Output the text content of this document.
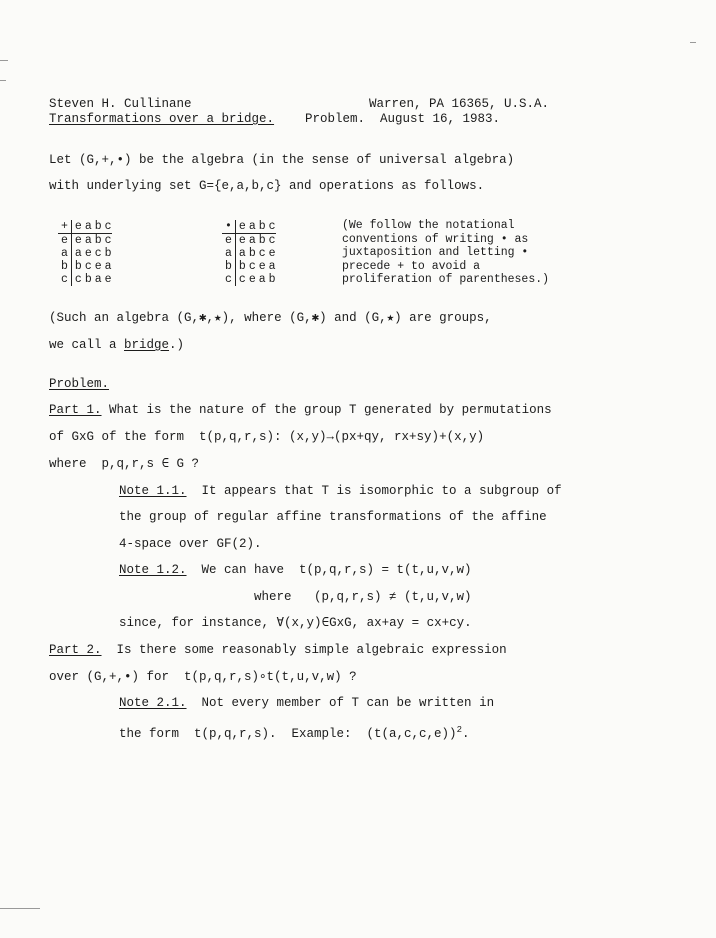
Steven H. Cullinane	Warren, PA 16365, U.S.A.
Transformations over a bridge. Problem.  August 16, 1983.
Let (G,+,•) be the algebra (in the sense of universal algebra)
with underlying set G={e,a,b,c} and operations as follows.
+	e	a	b	c
e	e	a	b	c
a	a	e	c	b
b	b	c	e	a
c	c	b	a	e
•	e	a	b	c
e	e	a	b	c
a	a	b	c	e
b	b	c	e	a
c	c	e	a	b
(We follow the notational
conventions of writing • as
juxtaposition and letting •
precede + to avoid a
proliferation of parentheses.)
(Such an algebra (G,✱,★), where (G,✱) and (G,★) are groups,
we call a bridge.)
Problem.
Part 1. What is the nature of the group T generated by permutations
of GxG of the form  t(p,q,r,s): (x,y)→(px+qy, rx+sy)+(x,y)
where  p,q,r,s ∈ G ?
Note 1.1.  It appears that T is isomorphic to a subgroup of
the group of regular affine transformations of the affine
4-space over GF(2).
Note 1.2.  We can have  t(p,q,r,s) = t(t,u,v,w)
where   (p,q,r,s) ≠ (t,u,v,w)
since, for instance, ∀(x,y)∈GxG, ax+ay = cx+cy.
Part 2.  Is there some reasonably simple algebraic expression
over (G,+,•) for  t(p,q,r,s)∘t(t,u,v,w) ?
Note 2.1.  Not every member of T can be written in
the form  t(p,q,r,s).  Example:  $(t(a,c,c,e))^2$.
